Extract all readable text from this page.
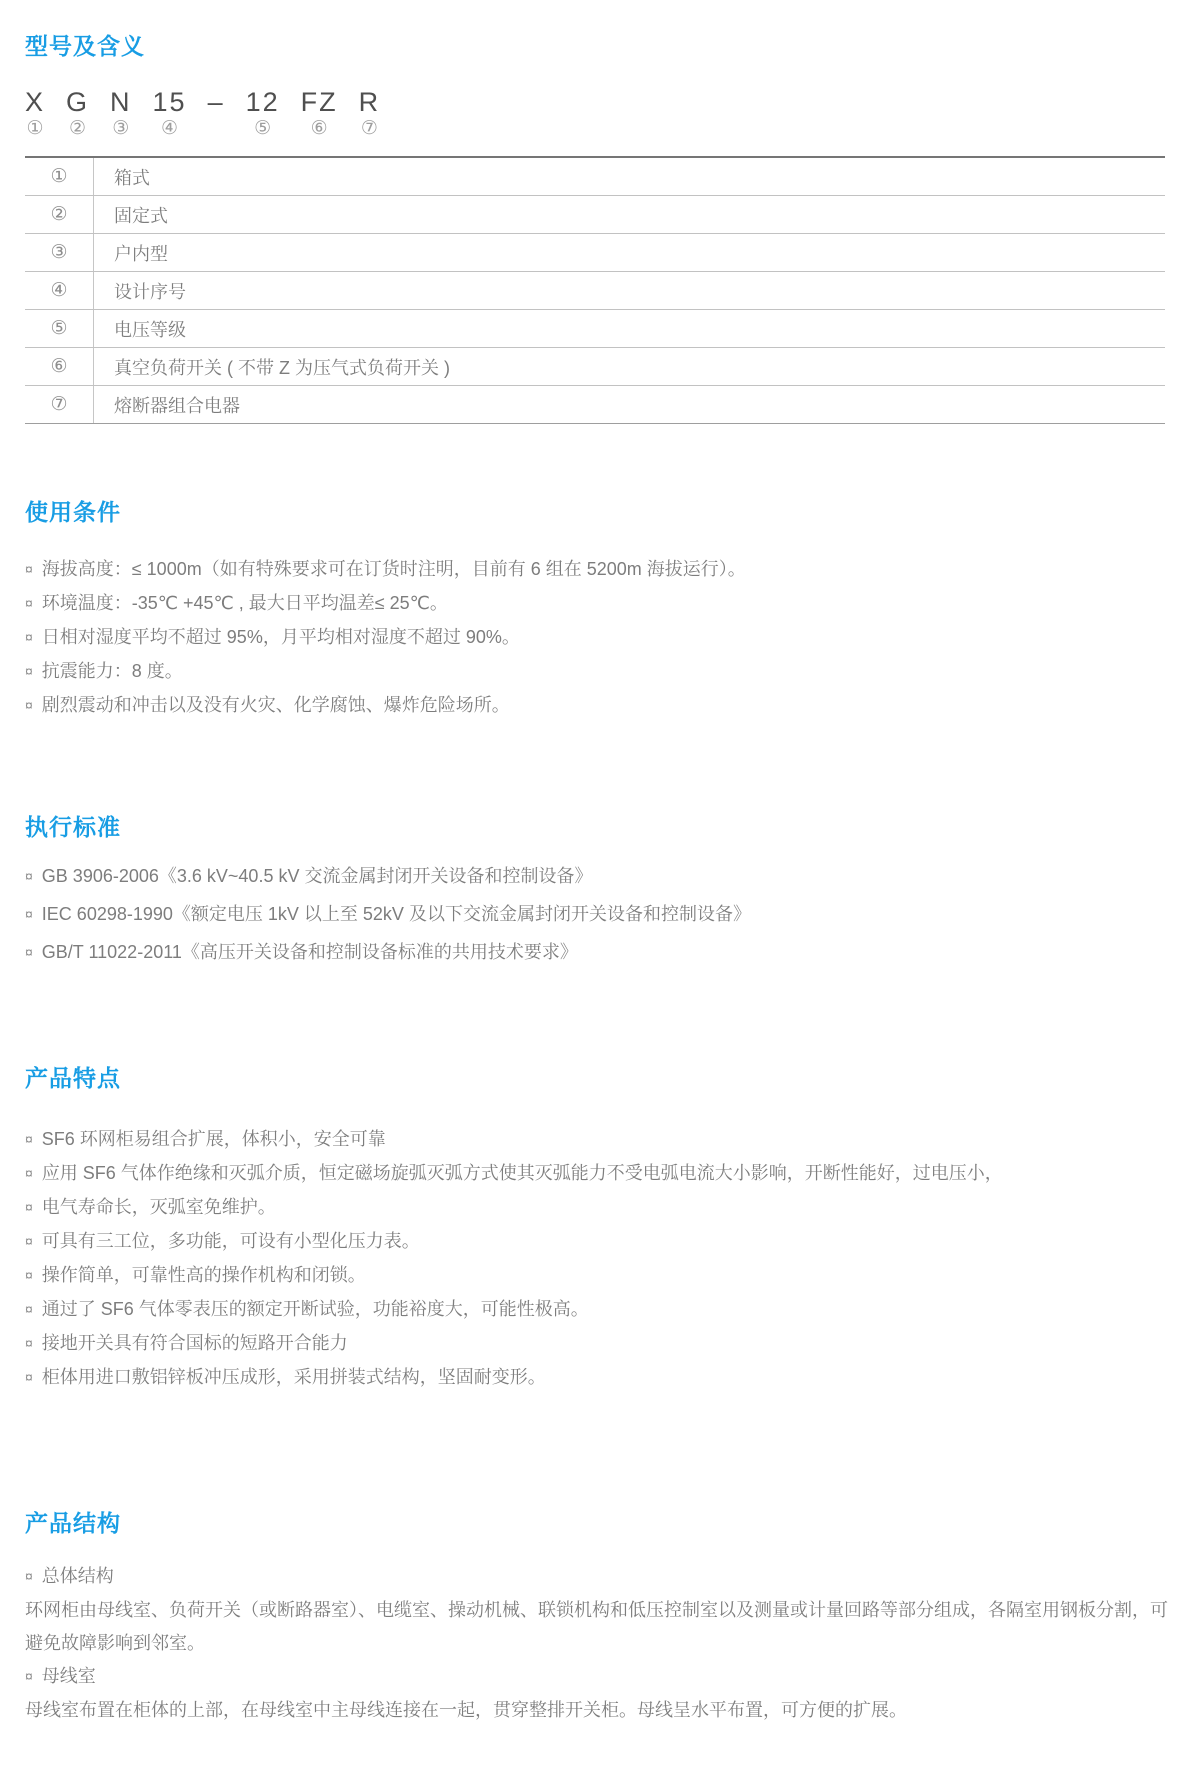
型号及含义
X
①
G
②
N
③
15
④
– 12
⑤
FZ
⑥
R
⑦
①	箱式
②	固定式
③	户内型
④	设计序号
⑤	电压等级
⑥	真空负荷开关 ( 不带 Z 为压气式负荷开关 )
⑦	熔断器组合电器
使用条件
¤ 海拔高度：≤ 1000m（如有特殊要求可在订货时注明，目前有 6 组在 5200m 海拔运行）。
¤ 环境温度：-35℃ +45℃ , 最大日平均温差≤ 25℃。
¤ 日相对湿度平均不超过 95%，月平均相对湿度不超过 90%。
¤ 抗震能力：8 度。
¤ 剧烈震动和冲击以及没有火灾、化学腐蚀、爆炸危险场所。
执行标准
¤ GB 3906-2006《3.6 kV~40.5 kV 交流金属封闭开关设备和控制设备》
¤ IEC 60298-1990《额定电压 1kV 以上至 52kV 及以下交流金属封闭开关设备和控制设备》
¤ GB/T 11022-2011《高压开关设备和控制设备标准的共用技术要求》
产品特点
¤ SF6 环网柜易组合扩展，体积小，安全可靠
¤ 应用 SF6 气体作绝缘和灭弧介质，恒定磁场旋弧灭弧方式使其灭弧能力不受电弧电流大小影响，开断性能好，过电压小，
¤ 电气寿命长，灭弧室免维护。
¤ 可具有三工位，多功能，可设有小型化压力表。
¤ 操作简单，可靠性高的操作机构和闭锁。
¤ 通过了 SF6 气体零表压的额定开断试验，功能裕度大，可能性极高。
¤ 接地开关具有符合国标的短路开合能力
¤ 柜体用进口敷铝锌板冲压成形，采用拼装式结构，坚固耐变形。
产品结构
¤ 总体结构

环网柜由母线室、负荷开关（或断路器室）、电缆室、操动机械、联锁机构和低压控制室以及测量或计量回路等部分组成，各隔室用钢板分割，可避免故障影响到邻室。

¤ 母线室

母线室布置在柜体的上部，在母线室中主母线连接在一起，贯穿整排开关柜。母线呈水平布置，可方便的扩展。
